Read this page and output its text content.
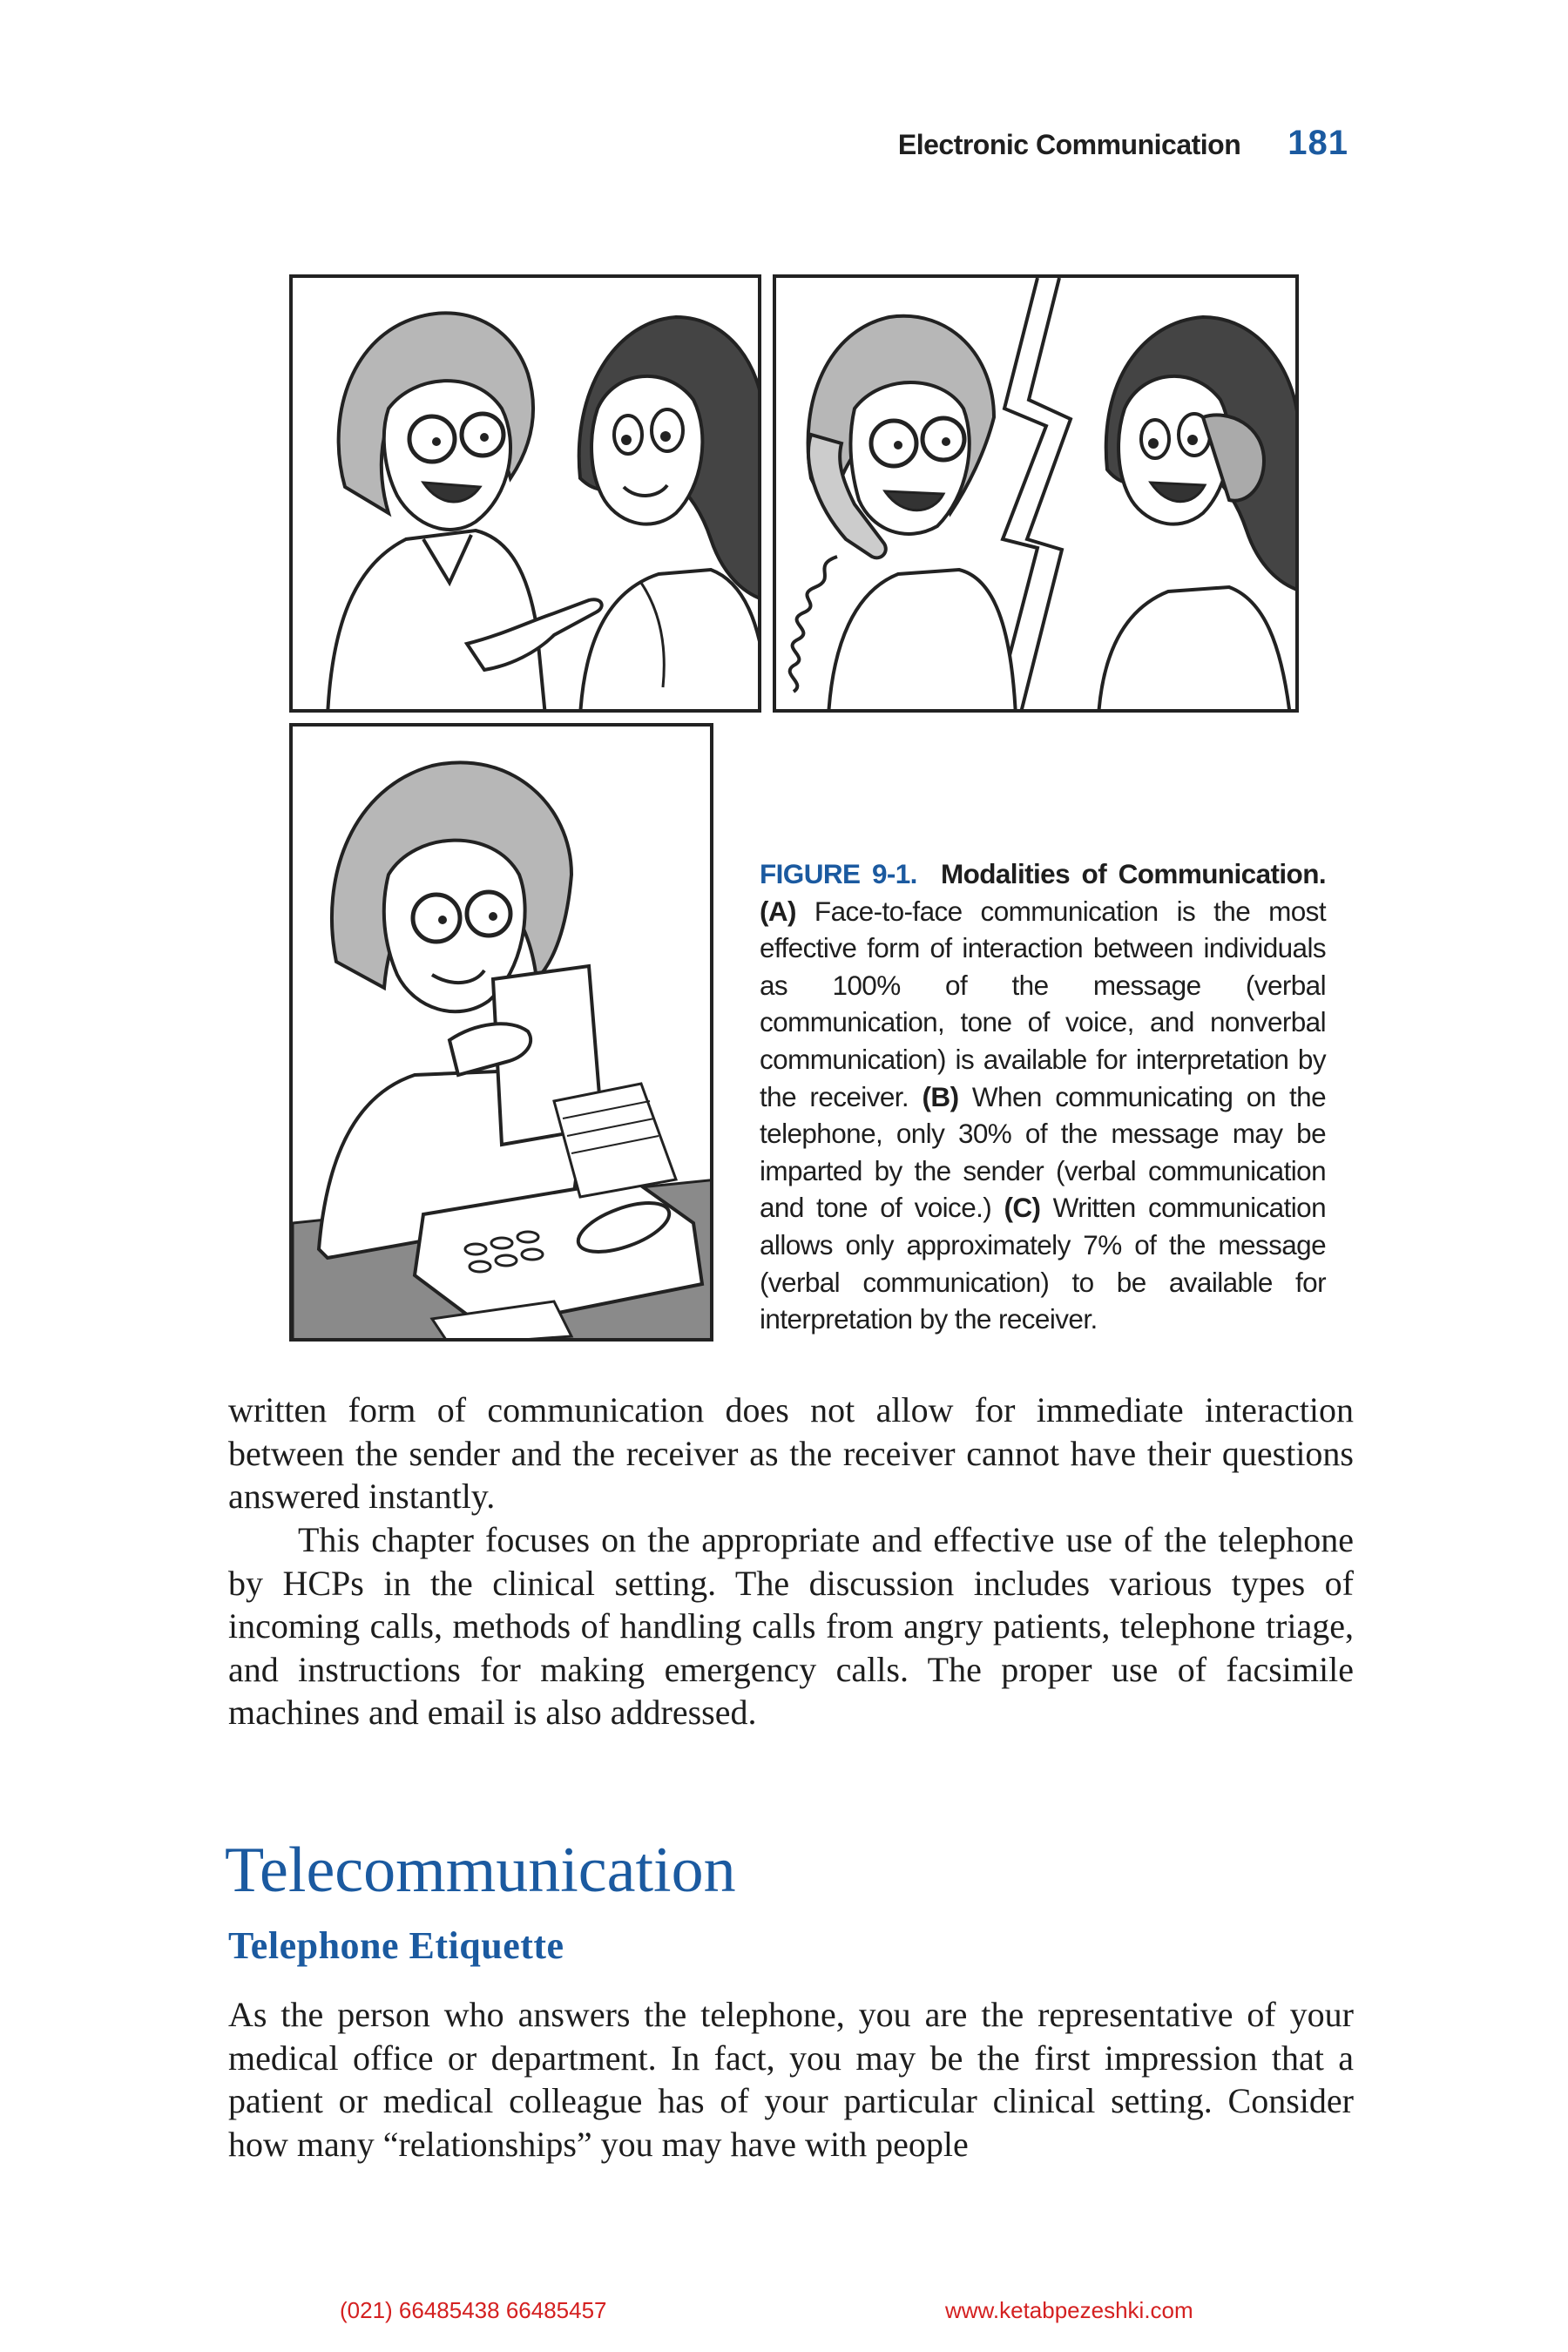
Electronic Communication 181
FIGURE 9-1. Modalities of Communication. (A) Face-to-face communication is the most effective form of interaction between individuals as 100% of the message (verbal communication, tone of voice, and nonverbal communication) is available for interpretation by the receiver. (B) When communicating on the telephone, only 30% of the message may be imparted by the sender (verbal communication and tone of voice.) (C) Written communication allows only approximately 7% of the message (verbal communication) to be available for interpretation by the receiver.

written form of communication does not allow for immediate interaction between the sender and the receiver as the receiver cannot have their questions answered instantly.

This chapter focuses on the appropriate and effective use of the telephone by HCPs in the clinical setting. The discussion includes various types of incoming calls, methods of handling calls from angry patients, telephone triage, and instructions for making emergency calls. The proper use of facsimile machines and email is also addressed.

Telecommunication
Telephone Etiquette

As the person who answers the telephone, you are the representative of your medical office or department. In fact, you may be the first impression that a patient or medical colleague has of your particular clinical setting. Consider how many “relationships” you may have with people

(021) 66485438 66485457	www.ketabpezeshki.com
